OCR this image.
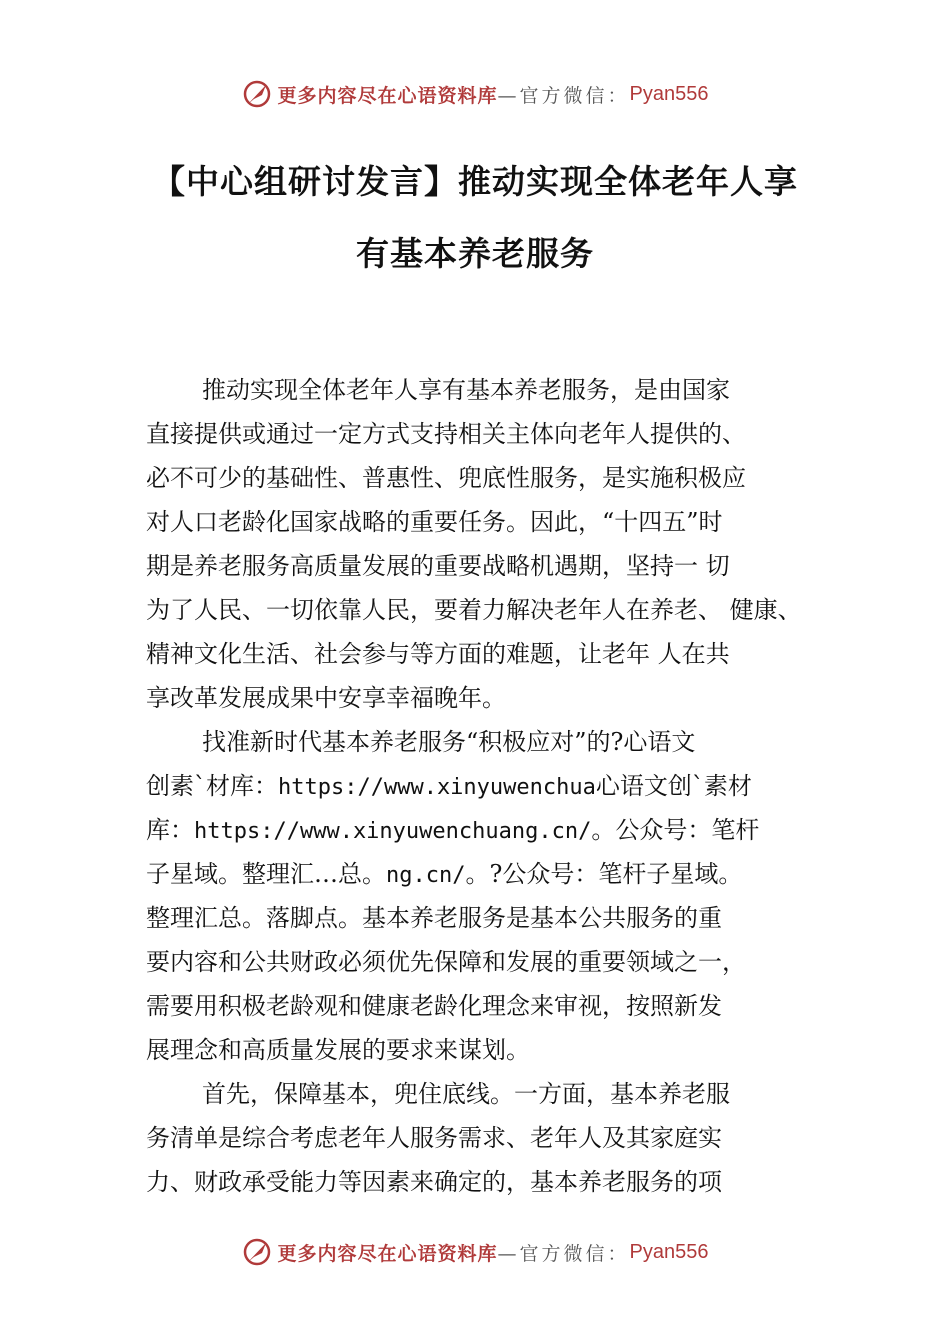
更多内容尽在心语资料库 —官方微信： Pyan556
【中心组研讨发言】推动实现全体老年人享
有基本养老服务
推动实现全体老年人享有基本养老服务，是由国家
直接提供或通过一定方式支持相关主体向老年人提供的、
必不可少的基础性、普惠性、兜底性服务，是实施积极应
对人口老龄化国家战略的重要任务。因此，“十四五”时
期是养老服务高质量发展的重要战略机遇期，坚持一 切
为了人民、一切依靠人民，要着力解决老年人在养老、 健康、
精神文化生活、社会参与等方面的难题，让老年 人在共
享改革发展成果中安享幸福晚年。
找准新时代基本养老服务“积极应对”的?心语文
创素`材库：https://www.xinyuwenchua心语文创`素材
库：https://www.xinyuwenchuang.cn/。公众号：笔杆
子星域。整理汇…总。ng.cn/。?公众号：笔杆子星域。
整理汇总。落脚点。基本养老服务是基本公共服务的重
要内容和公共财政必须优先保障和发展的重要领域之一，
需要用积极老龄观和健康老龄化理念来审视，按照新发
展理念和高质量发展的要求来谋划。
首先，保障基本，兜住底线。一方面，基本养老服
务清单是综合考虑老年人服务需求、老年人及其家庭实
力、财政承受能力等因素来确定的，基本养老服务的项
更多内容尽在心语资料库 —官方微信： Pyan556
